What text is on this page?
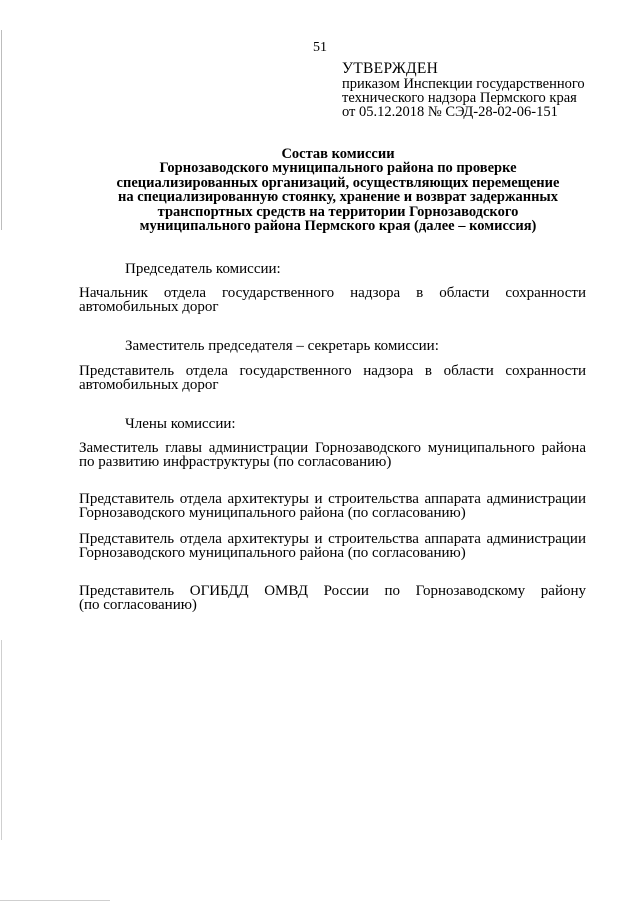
51
УТВЕРЖДЕН
приказом Инспекции государственного
технического надзора Пермского края
от 05.12.2018 № СЭД-28-02-06-151
Состав комиссии
Горнозаводского муниципального района по проверке
специализированных организаций, осуществляющих перемещение
на специализированную стоянку, хранение и возврат задержанных
транспортных средств на территории Горнозаводского
муниципального района Пермского края (далее – комиссия)
Председатель комиссии:
Начальник отдела государственного надзора в области сохранности
автомобильных дорог
Заместитель председателя – секретарь комиссии:
Представитель отдела государственного надзора в области сохранности
автомобильных дорог
Члены комиссии:
Заместитель главы администрации Горнозаводского муниципального района
по развитию инфраструктуры (по согласованию)
Представитель отдела архитектуры и строительства аппарата администрации
Горнозаводского муниципального района (по согласованию)
Представитель отдела архитектуры и строительства аппарата администрации
Горнозаводского муниципального района (по согласованию)
Представитель ОГИБДД ОМВД России по Горнозаводскому району
(по согласованию)
